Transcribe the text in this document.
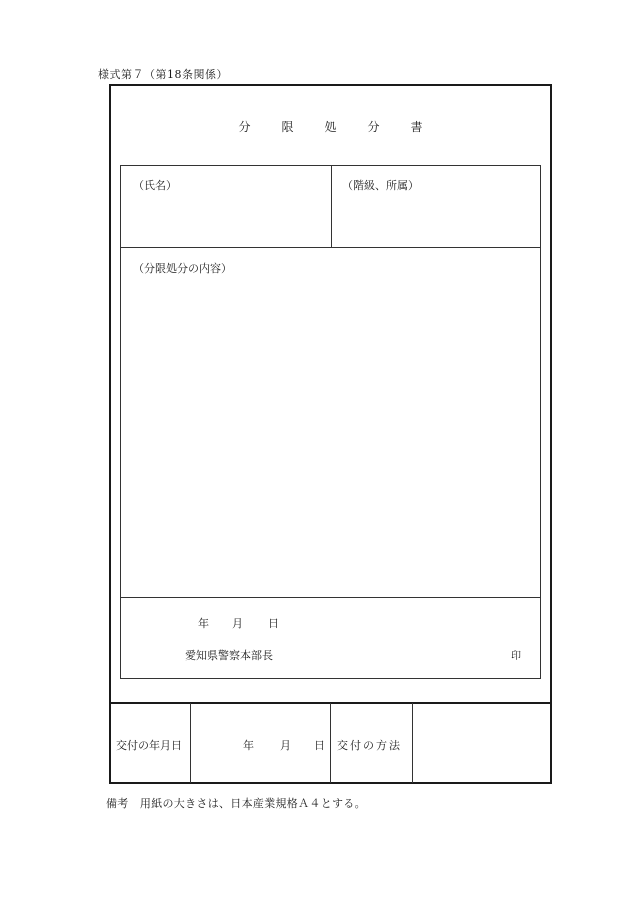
様式第７（第18条関係）
分限処分書
（氏名）	（階級、所属）
（分限処分の内容）
年 月 日
愛知県警察本部長	印
交付の年月日	年 月 日 交付の方法
備考　用紙の大きさは、日本産業規格Ａ４とする。
